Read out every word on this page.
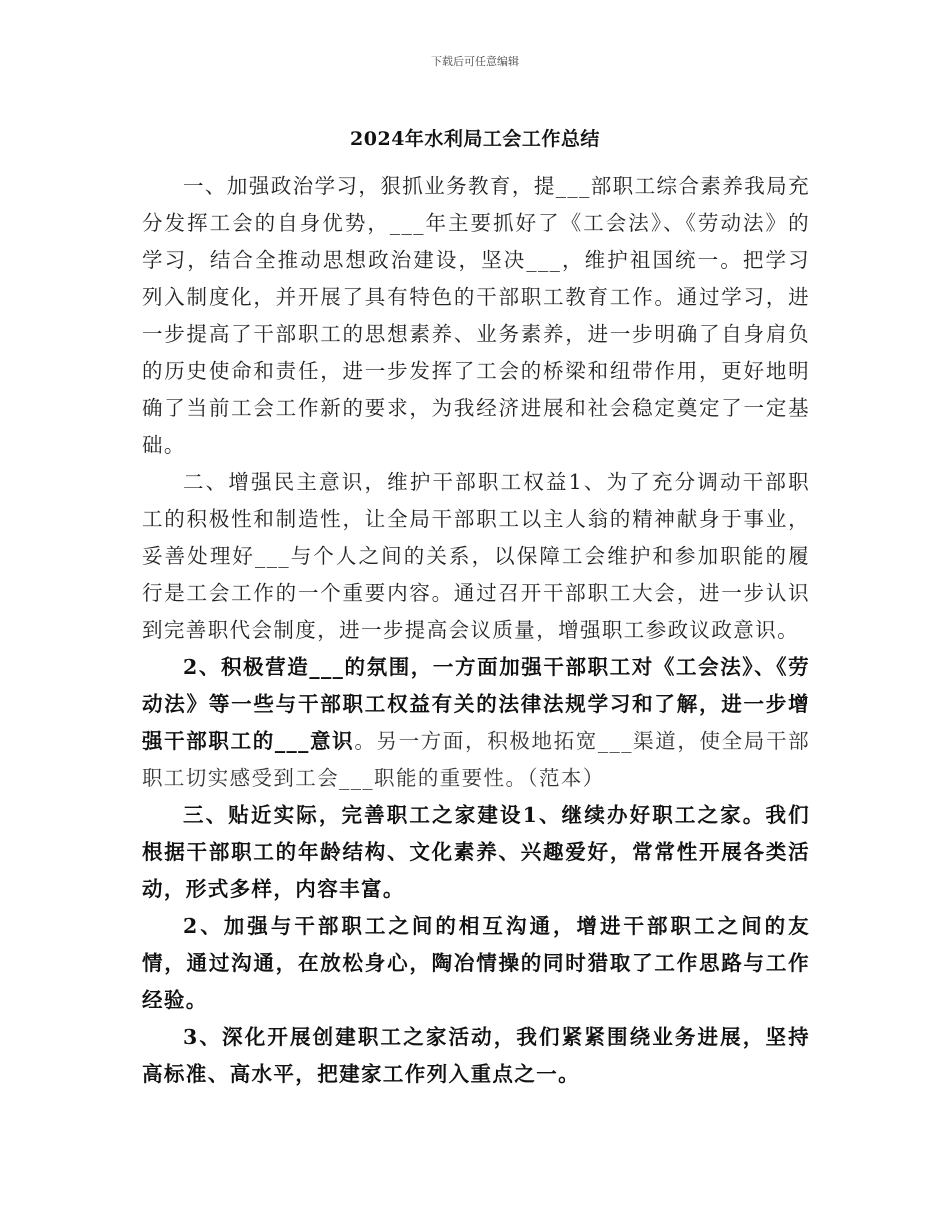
下载后可任意编辑
2024年水利局工会工作总结

一、加强政治学习，狠抓业务教育，提___部职工综合素养我局充分发挥工会的自身优势，___年主要抓好了《工会法》、《劳动法》的学习，结合全推动思想政治建设，坚决___，维护祖国统一。把学习列入制度化，并开展了具有特色的干部职工教育工作。通过学习，进一步提高了干部职工的思想素养、业务素养，进一步明确了自身肩负的历史使命和责任，进一步发挥了工会的桥梁和纽带作用，更好地明确了当前工会工作新的要求，为我经济进展和社会稳定奠定了一定基础。

二、增强民主意识，维护干部职工权益1、为了充分调动干部职工的积极性和制造性，让全局干部职工以主人翁的精神献身于事业，妥善处理好___与个人之间的关系，以保障工会维护和参加职能的履行是工会工作的一个重要内容。通过召开干部职工大会，进一步认识到完善职代会制度，进一步提高会议质量，增强职工参政议政意识。

2、积极营造___的氛围，一方面加强干部职工对《工会法》、《劳动法》等一些与干部职工权益有关的法律法规学习和了解，进一步增强干部职工的___意识。另一方面，积极地拓宽___渠道，使全局干部职工切实感受到工会___职能的重要性。（范本）

三、贴近实际，完善职工之家建设1、继续办好职工之家。我们根据干部职工的年龄结构、文化素养、兴趣爱好，常常性开展各类活动，形式多样，内容丰富。

2、加强与干部职工之间的相互沟通，增进干部职工之间的友情，通过沟通，在放松身心，陶冶情操的同时猎取了工作思路与工作经验。

3、深化开展创建职工之家活动，我们紧紧围绕业务进展，坚持高标准、高水平，把建家工作列入重点之一。
